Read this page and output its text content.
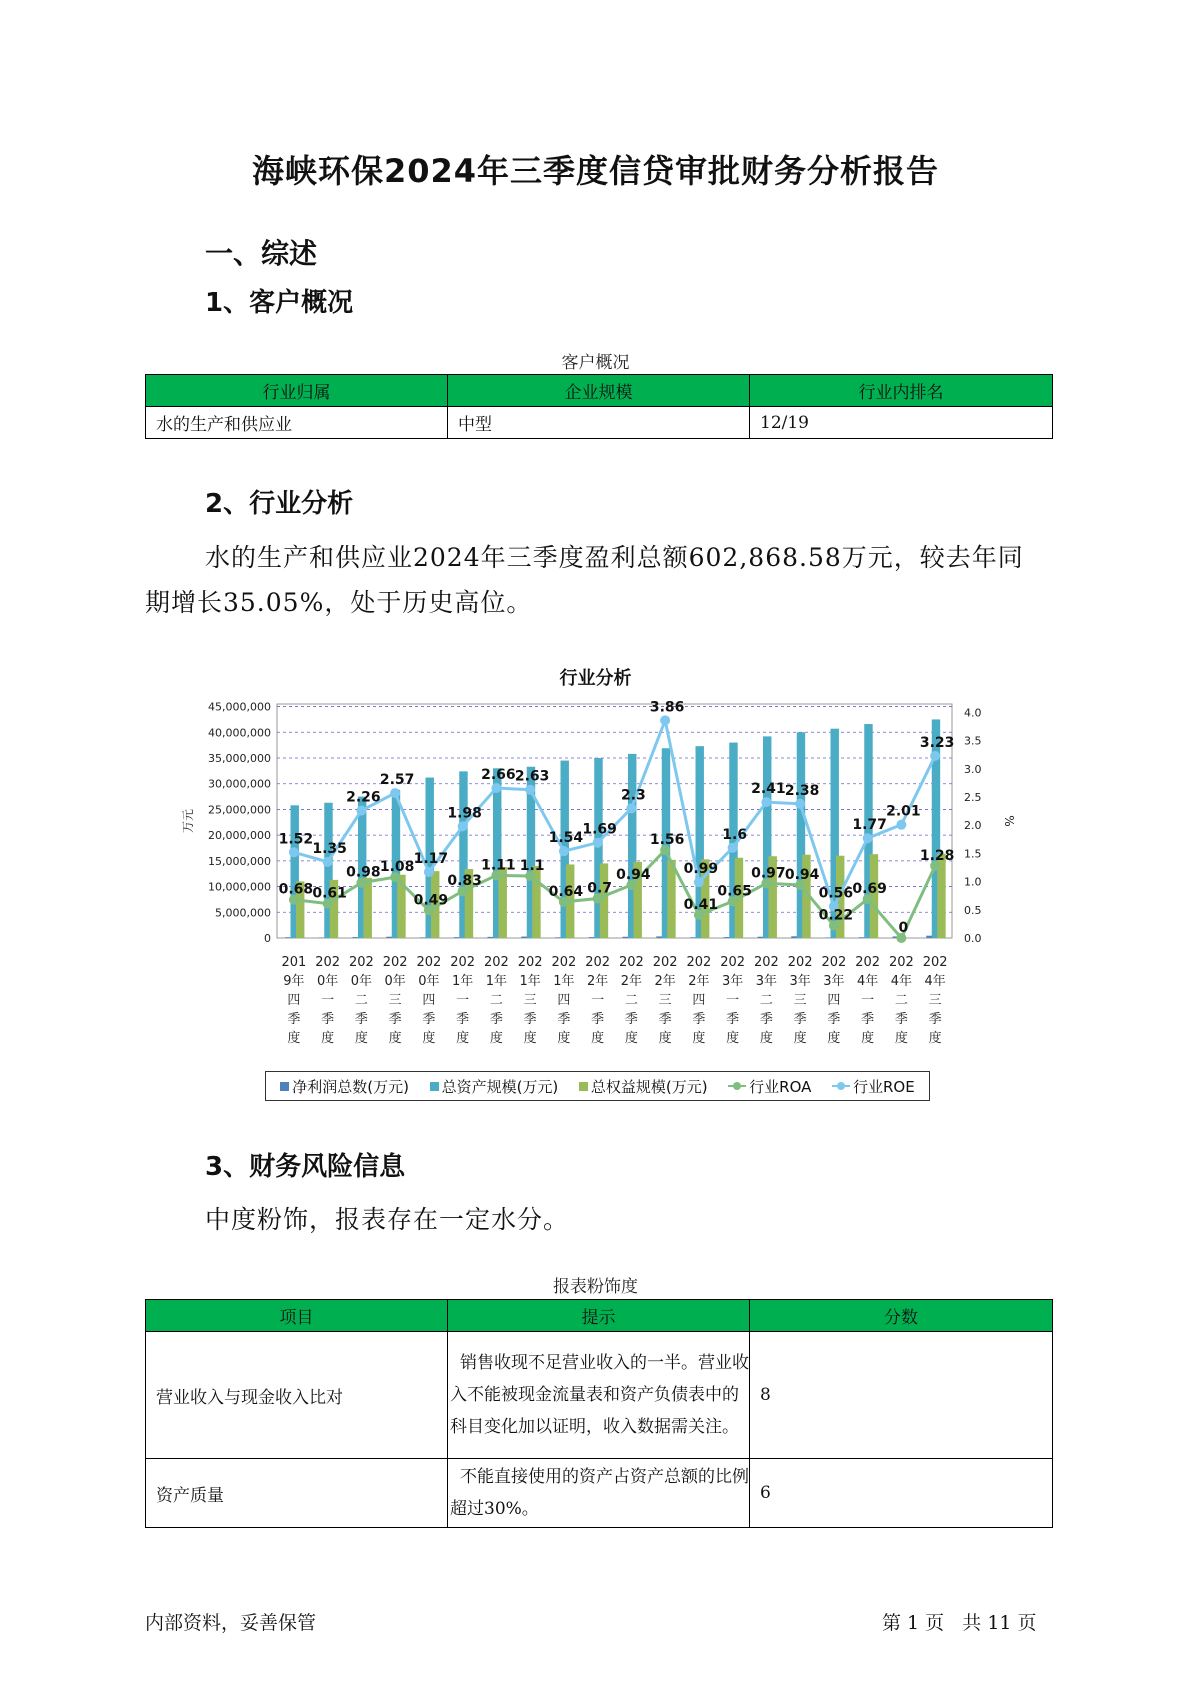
海峡环保2024年三季度信贷审批财务分析报告
一、综述
1、客户概况
客户概况
行业归属	企业规模	行业内排名
水的生产和供应业	中型	12/19
2、行业分析
水的生产和供应业2024年三季度盈利总额602,868.58万元，较去年同期增长35.05%，处于历史高位。
行业分析
0
5,000,000
10,000,000
15,000,000
20,000,000
25,000,000
30,000,000
35,000,000
40,000,000
45,000,000
0.0
0.5
1.0
1.5
2.0
2.5
3.0
3.5
4.0
万元	%
0.68 0.61
0.98 1.08
0.49
0.83
1.11 1.1
0.64 0.7
0.94
1.56
0.41
0.65
0.97 0.94
0.22
0.69
0
1.28
1.52
1.35
2.26
2.57
1.17
1.98
2.66 2.63
1.54
1.69
2.3
3.86
0.99
1.6
2.41 2.38
0.56
1.77
2.01
3.23
201
9年
四
季
度
202
0年
一
季
度
202
0年
二
季
度
202
0年
三
季
度
202
0年
四
季
度
202
1年
一
季
度
202
1年
二
季
度
202
1年
三
季
度
202
1年
四
季
度
202
2年
一
季
度
202
2年
二
季
度
202
2年
三
季
度
202
2年
四
季
度
202
3年
一
季
度
202
3年
二
季
度
202
3年
三
季
度
202
3年
四
季
度
202
4年
一
季
度
202
4年
二
季
度
202
4年
三
季
度
净利润总数(万元) 总资产规模(万元) 总权益规模(万元)	行业ROA	行业ROE
3、财务风险信息
中度粉饰，报表存在一定水分。
报表粉饰度
项目	提示	分数
营业收入与现金收入比对	销售收现不足营业收入的一半。营业收入不能被现金流量表和资产负债表中的科目变化加以证明，收入数据需关注。	8
资产质量	不能直接使用的资产占资产总额的比例超过30%。	6
内部资料，妥善保管	第 1 页   共 11 页
